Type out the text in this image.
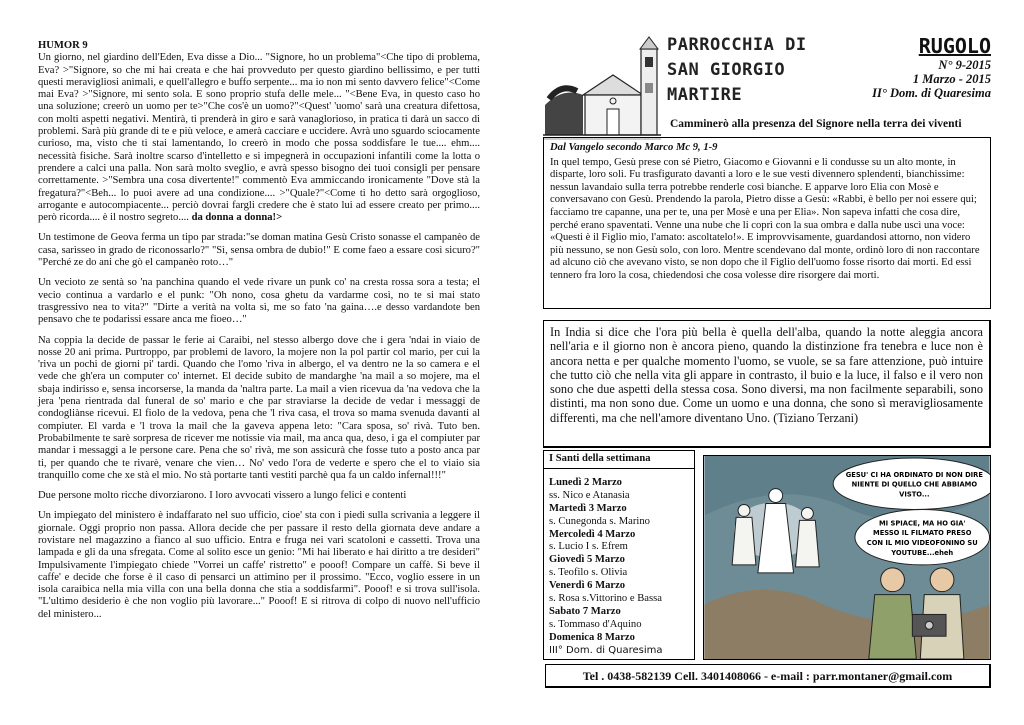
HUMOR 9

Un giorno, nel giardino dell'Eden, Eva disse a Dio... "Signore, ho un problema"<Che tipo di problema, Eva? >"Signore, so che mi hai creata e che hai provveduto per questo giardino bellissimo, e per tutti questi meravigliosi animali, e quell'allegro e buffo serpente... ma io non mi sento davvero felice"<Come mai Eva? >"Signore, mi sento sola. E sono proprio stufa delle mele... "<Bene Eva, in questo caso ho una soluzione; creerò un uomo per te>"Che cos'è un uomo?"<Quest' 'uomo' sarà una creatura difettosa, con molti aspetti negativi. Mentirà, ti prenderà in giro e sarà vanaglorioso, in pratica ti darà un sacco di problemi. Sarà più grande di te e più veloce, e amerà cacciare e uccidere. Avrà uno sguardo sciocamente curioso, ma, visto che ti stai lamentando, lo creerò in modo che possa soddisfare le tue.... ehm.... necessità fisiche. Sarà inoltre scarso d'intelletto e si impegnerà in occupazioni infantili come la lotta o prendere a calci una palla. Non sarà molto sveglio, e avrà spesso bisogno dei tuoi consigli per pensare correttamente. >"Sembra una cosa divertente!" commentò Eva ammiccando ironicamente "Dove stà la fregatura?"<Beh... lo puoi avere ad una condizione.... >"Quale?"<Come ti ho detto sarà orgoglioso, arrogante e autocompiacente... perciò dovrai fargli credere che è stato lui ad essere creato per primo.... però ricorda.... è il nostro segreto.... da donna a donna!>

Un testimone de Geova ferma un tipo par strada:"se doman matina Gesù Cristo sonasse el campanèo de casa, sarìsseo in grado de riconossarlo?" "Sì, sensa ombra de dubio!" E come faeo a essare così sicuro?" "Perché ze do ani che gò el campanèo roto…"

Un vecioto ze sentà so 'na panchina quando el vede rivare un punk co' na cresta rossa sora a testa; el vecio continua a vardarlo e el punk: "Oh nono, cosa ghetu da vardarme così, no te si mai stato trasgressivo nea to vita?" "Dirte a verità na volta sì, me so fato 'na gaina….e desso vardandote ben pensavo che te podarissi essare anca me fioeo…"

Na coppia la decide de passar le ferie ai Caraibi, nel stesso albergo dove che i gera 'ndai in viaio de nosse 20 ani prima. Purtroppo, par problemi de lavoro, la mojere non la pol partir col mario, per cui la 'riva un pochi de giorni pi' tardi. Quando che l'omo 'riva in albergo, el va dentro ne la so camera e el vede che gh'era un computer co' internet. El decide subito de mandarghe 'na mail a so mojere, ma el sbaja indirisso e, sensa incorserse, la manda da 'naltra parte. La mail a vien ricevua da 'na vedova che la jera 'pena rientrada dal funeral de so' mario e che par straviarse la decide de vedar i messaggi de condogliànse ricevui. El fiolo de la vedova, pena che 'l riva casa, el trova so mama svenuda davanti al compiuter. El varda e 'l trova la mail che la gaveva appena leto: "Cara sposa, so' rivà. Tuto ben. Probabilmente te sarè sorpresa de ricever me notissie via mail, ma anca qua, deso, i ga el compiuter par mandar i messaggi a le persone care. Pena che so' rivà, me son assicurà che fosse tuto a posto anca par ti, per quando che te rivarè, venare che vien… No' vedo l'ora de vederte e spero che el to viaio sia tranquillo come che xe stà el mio. No stà portarte tanti vestiti parchè qua fa un caldo infernal!!!"

Due persone molto ricche divorziarono. I loro avvocati vissero a lungo felici e contenti

Un impiegato del ministero è indaffarato nel suo ufficio, cioe' sta con i piedi sulla scrivania a leggere il giornale. Oggi proprio non passa. Allora decide che per passare il resto della giornata deve andare a rovistare nel magazzino a fianco al suo ufficio. Entra e fruga nei vari scatoloni e cassetti. Trova una lampada e gli da una sfregata. Come al solito esce un genio: "Mi hai liberato e hai diritto a tre desideri" Impulsivamente l'impiegato chiede "Vorrei un caffe' ristretto" e pooof! Compare un caffè. Si beve il caffe' e decide che forse è il caso di pensarci un attimino per il prossimo. "Ecco, voglio essere in un isola caraibica nella mia villa con una bella donna che stia a soddisfarmi". Pooof! e si trova sull'isola. "L'ultimo desiderio è che non voglio più lavorare..." Pooof! E si ritrova di colpo di nuovo nell'ufficio del ministero...

PARROCCHIA DI
SAN GIORGIO
MARTIRE
RUGOLO
N° 9-2015
1 Marzo - 2015
II° Dom. di Quaresima
Camminerò alla presenza del Signore nella terra dei viventi
Dal Vangelo secondo Marco Mc 9, 1-9
In quel tempo, Gesù prese con sé Pietro, Giacomo e Giovanni e li condusse su un alto monte, in disparte, loro soli. Fu trasfigurato davanti a loro e le sue vesti divennero splendenti, bianchissime: nessun lavandaio sulla terra potrebbe renderle così bianche. E apparve loro Elia con Mosè e conversavano con Gesù. Prendendo la parola, Pietro disse a Gesù: «Rabbì, è bello per noi essere qui; facciamo tre capanne, una per te, una per Mosè e una per Elia». Non sapeva infatti che cosa dire, perché erano spaventati. Venne una nube che li coprì con la sua ombra e dalla nube uscì una voce: «Questi è il Figlio mio, l'amato: ascoltatelo!». E improvvisamente, guardandosi attorno, non videro più nessuno, se non Gesù solo, con loro. Mentre scendevano dal monte, ordinò loro di non raccontare ad alcuno ciò che avevano visto, se non dopo che il Figlio dell'uomo fosse risorto dai morti. Ed essi tennero fra loro la cosa, chiedendosi che cosa volesse dire risorgere dai morti.
In India si dice che l'ora più bella è quella dell'alba, quando la notte aleggia ancora nell'aria e il giorno non è ancora pieno, quando la distinzione fra tenebra e luce non è ancora netta e per qualche momento l'uomo, se vuole, se sa fare attenzione, può intuire che tutto ciò che nella vita gli appare in contrasto, il buio e la luce, il falso e il vero non sono che due aspetti della stessa cosa. Sono diversi, ma non facilmente separabili, sono distinti, ma non sono due. Come un uomo e una donna, che sono sì meravigliosamente differenti, ma che nell'amore diventano Uno. (Tiziano Terzani)
I Santi della settimana
Lunedì 2 Marzo
ss. Nico e Atanasia
Martedì 3 Marzo
s. Cunegonda s. Marino
Mercoledì 4 Marzo
s. Lucio I s. Efrem
Giovedì 5 Marzo
s. Teofilo s. Olivia
Venerdì 6 Marzo
s. Rosa s.Vittorino e Bassa
Sabato 7 Marzo
s. Tommaso d'Aquino
Domenica 8 Marzo
III° Dom. di Quaresima
GESU' CI HA ORDINATO DI NON DIRE
NIENTE DI QUELLO CHE ABBIAMO
VISTO...
MI SPIACE, MA HO GIA'
MESSO IL FILMATO PRESO
CON IL MIO VIDEOFONINO SU
YOUTUBE...eheh
Tel . 0438-582139 Cell. 3401408066 - e-mail : parr.montaner@gmail.com
